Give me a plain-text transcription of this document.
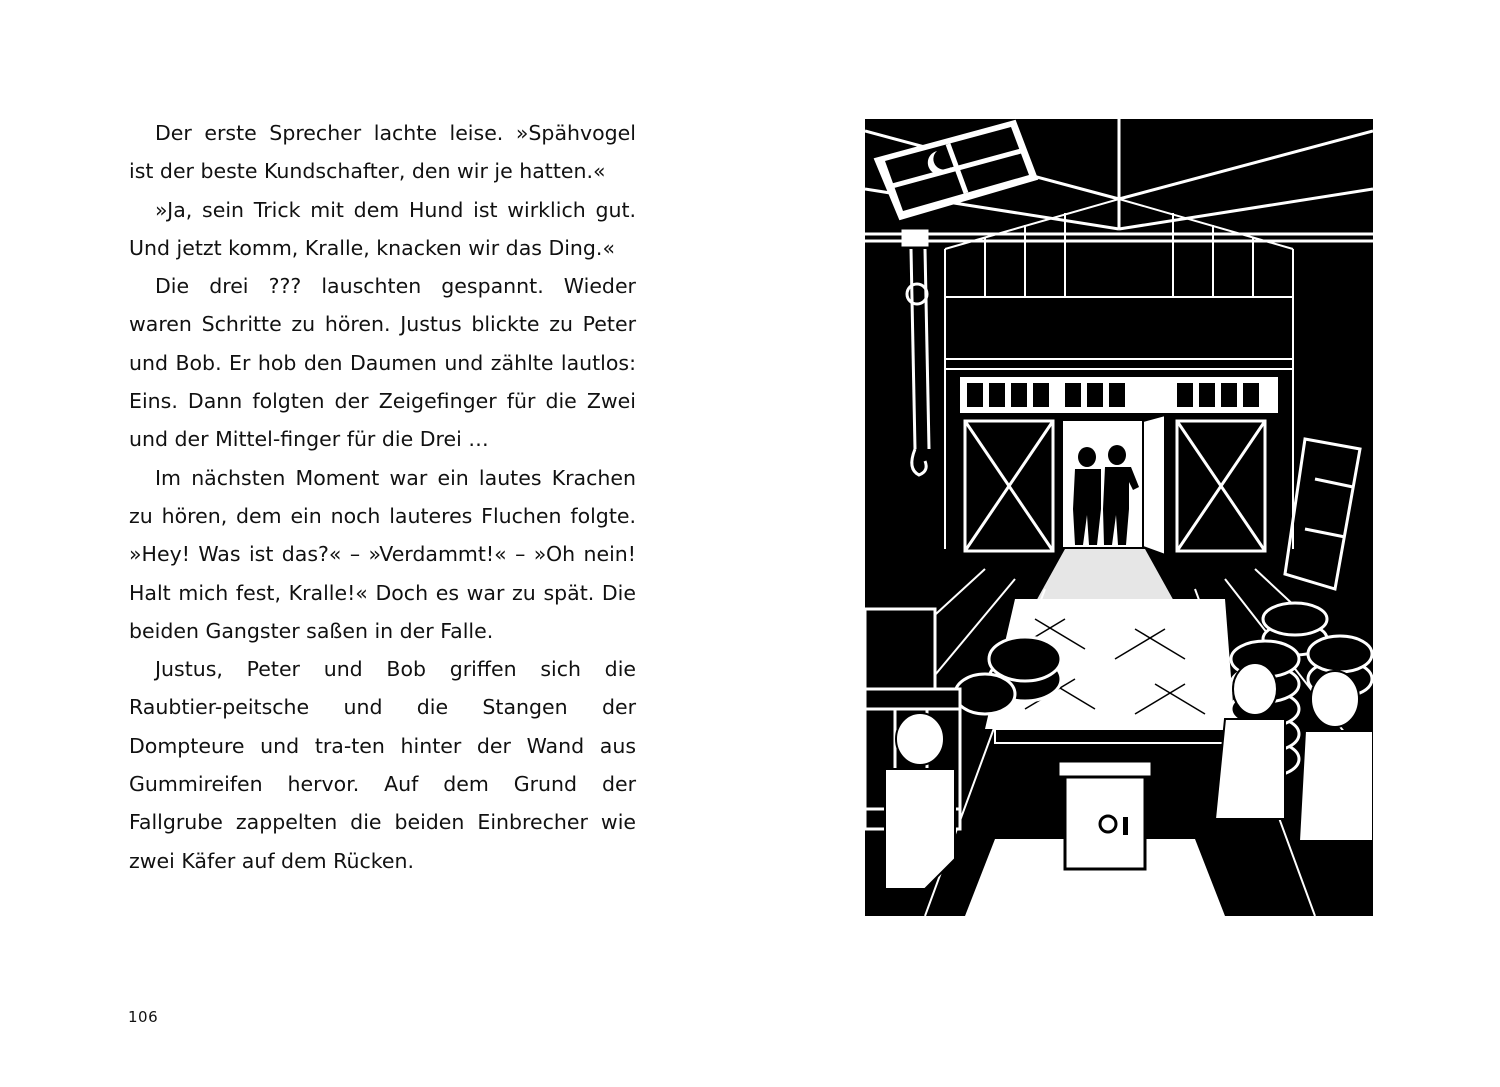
Der erste Sprecher lachte leise. »Spähvogel ist der beste Kundschafter, den wir je hatten.«

»Ja, sein Trick mit dem Hund ist wirklich gut. Und jetzt komm, Kralle, knacken wir das Ding.«

Die drei ??? lauschten gespannt. Wieder waren Schritte zu hören. Justus blickte zu Peter und Bob. Er hob den Daumen und zählte lautlos: Eins. Dann folgten der Zeigefinger für die Zwei und der Mittel-finger für die Drei …

Im nächsten Moment war ein lautes Krachen zu hören, dem ein noch lauteres Fluchen folgte. »Hey! Was ist das?« – »Verdammt!« – »Oh nein! Halt mich fest, Kralle!« Doch es war zu spät. Die beiden Gangster saßen in der Falle.

Justus, Peter und Bob griffen sich die Raubtier-peitsche und die Stangen der Dompteure und tra-ten hinter der Wand aus Gummireifen hervor. Auf dem Grund der Fallgrube zappelten die beiden Einbrecher wie zwei Käfer auf dem Rücken.

106
